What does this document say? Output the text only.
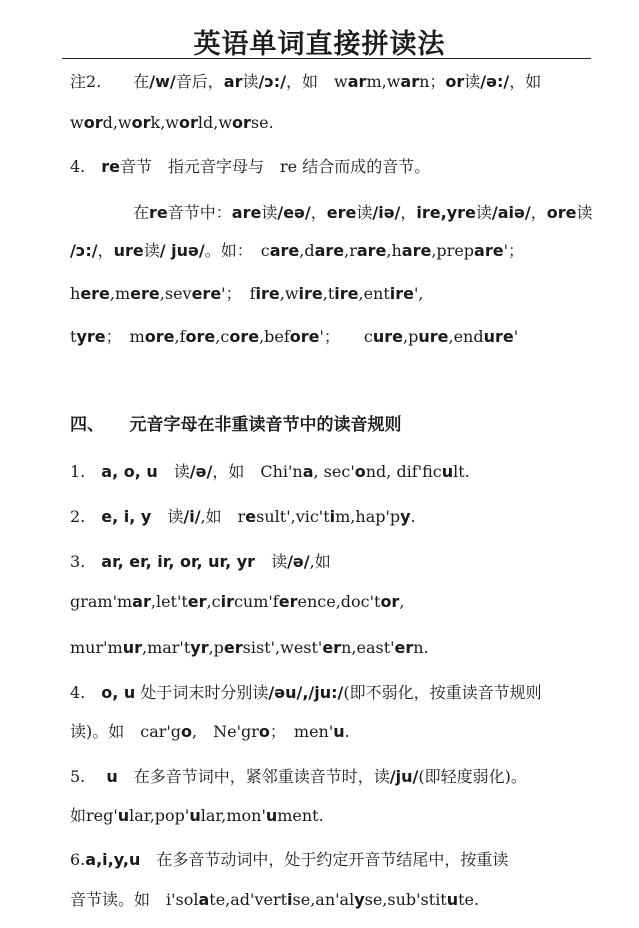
英语单词直接拼读法
注2.　　在/w/音后，ar读/ɔ:/，如　warm,warn；or读/ə:/，如
word,work,world,worse.
4.　re音节　指元音字母与　re 结合而成的音节。
在re音节中：are读/eə/，ere读/iə/，ire,yre读/aiə/，ore读
/ɔ:/，ure读/ juə/。如：　care,dare,rare,hare,prepare'；
here,mere,severe'；　fire,wire,tire,entire',
tyre；　more,fore,core,before'；　　cure,pure,endure'
四、　　元音字母在非重读音节中的读音规则
1.　a, o, u　读/ə/，如　Chi'na, sec'ond, dif'ficult.
2.　e, i, y　读/i/,如　result',vic'tim,hap'py.
3.　ar, er, ir, or, ur, yr　读/ə/,如
gram'mar,let'ter,circum'ference,doc'tor,
mur'mur,mar'tyr,persist',west'ern,east'ern.
4.　o, u 处于词末时分别读/əu/,/ju:/(即不弱化，按重读音节规则
读)。如　car'go,　Ne'gro；　men'u.
5.　 u　在多音节词中，紧邻重读音节时，读/ju/(即轻度弱化)。
如reg'ular,pop'ular,mon'ument.
6.a,i,y,u　在多音节动词中，处于约定开音节结尾中，按重读
音节读。如　i'solate,ad'vertise,an'alyse,sub'stitute.
